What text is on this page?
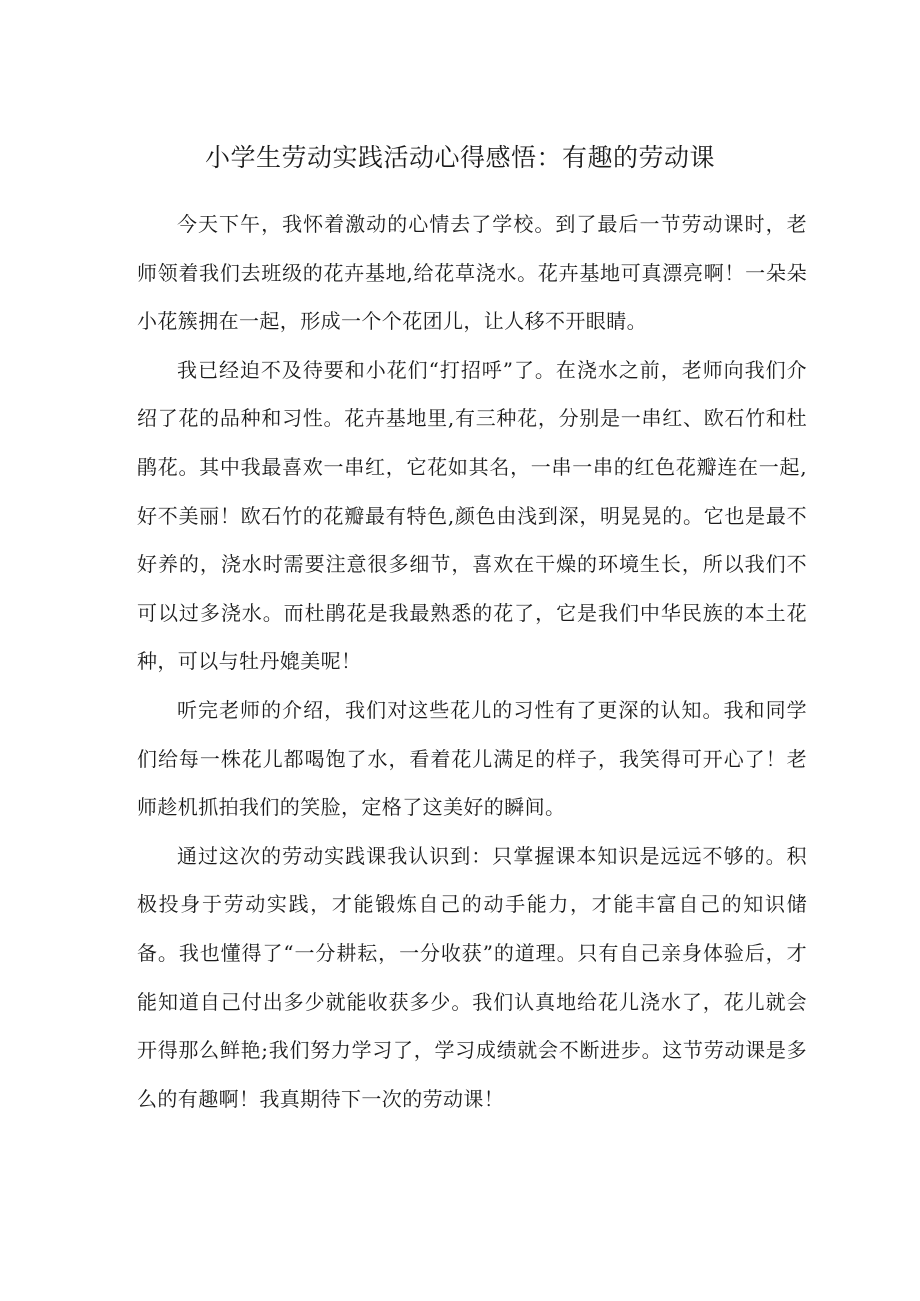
小学生劳动实践活动心得感悟：有趣的劳动课

今天下午，我怀着激动的心情去了学校。到了最后一节劳动课时，老师领着我们去班级的花卉基地,给花草浇水。花卉基地可真漂亮啊！一朵朵小花簇拥在一起，形成一个个花团儿，让人移不开眼睛。

我已经迫不及待要和小花们“打招呼”了。在浇水之前，老师向我们介绍了花的品种和习性。花卉基地里,有三种花，分别是一串红、欧石竹和杜鹃花。其中我最喜欢一串红，它花如其名，一串一串的红色花瓣连在一起,好不美丽！欧石竹的花瓣最有特色,颜色由浅到深，明晃晃的。它也是最不好养的，浇水时需要注意很多细节，喜欢在干燥的环境生长，所以我们不可以过多浇水。而杜鹃花是我最熟悉的花了，它是我们中华民族的本土花种，可以与牡丹媲美呢！

听完老师的介绍，我们对这些花儿的习性有了更深的认知。我和同学们给每一株花儿都喝饱了水，看着花儿满足的样子，我笑得可开心了！老师趁机抓拍我们的笑脸，定格了这美好的瞬间。

通过这次的劳动实践课我认识到：只掌握课本知识是远远不够的。积极投身于劳动实践，才能锻炼自己的动手能力，才能丰富自己的知识储备。我也懂得了“一分耕耘，一分收获”的道理。只有自己亲身体验后，才能知道自己付出多少就能收获多少。我们认真地给花儿浇水了，花儿就会开得那么鲜艳;我们努力学习了，学习成绩就会不断进步。这节劳动课是多么的有趣啊！我真期待下一次的劳动课！
